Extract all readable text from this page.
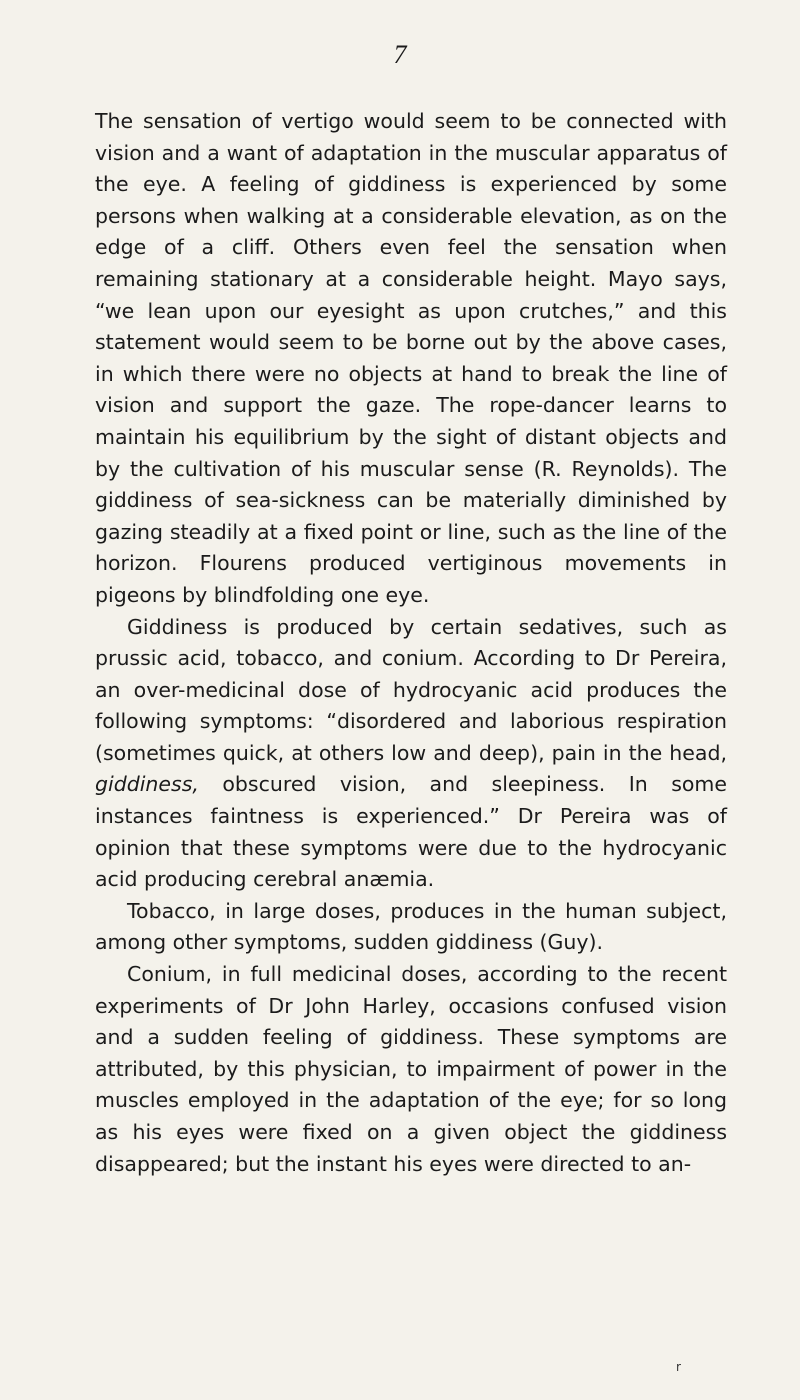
7

The sensation of vertigo would seem to be connected with vision and a want of adaptation in the muscular apparatus of the eye. A feeling of giddiness is experienced by some persons when walking at a considerable elevation, as on the edge of a cliff. Others even feel the sensation when remaining stationary at a considerable height. Mayo says, “we lean upon our eyesight as upon crutches,” and this statement would seem to be borne out by the above cases, in which there were no objects at hand to break the line of vision and support the gaze. The rope-dancer learns to maintain his equilibrium by the sight of distant objects and by the cultivation of his muscular sense (R. Reynolds). The giddiness of sea-sickness can be materially diminished by gazing steadily at a fixed point or line, such as the line of the horizon. Flourens produced vertiginous movements in pigeons by blindfolding one eye.

Giddiness is produced by certain sedatives, such as prussic acid, tobacco, and conium. According to Dr Pereira, an over-medicinal dose of hydrocyanic acid produces the following symptoms: “disordered and laborious respiration (sometimes quick, at others low and deep), pain in the head, giddiness, obscured vision, and sleepiness. In some instances faintness is experienced.” Dr Pereira was of opinion that these symptoms were due to the hydrocyanic acid producing cerebral anæmia.

Tobacco, in large doses, produces in the human subject, among other symptoms, sudden giddiness (Guy).

Conium, in full medicinal doses, according to the recent experiments of Dr John Harley, occasions confused vision and a sudden feeling of giddiness. These symptoms are attributed, by this physician, to impairment of power in the muscles employed in the adaptation of the eye; for so long as his eyes were fixed on a given object the giddiness disappeared; but the instant his eyes were directed to an-

r
